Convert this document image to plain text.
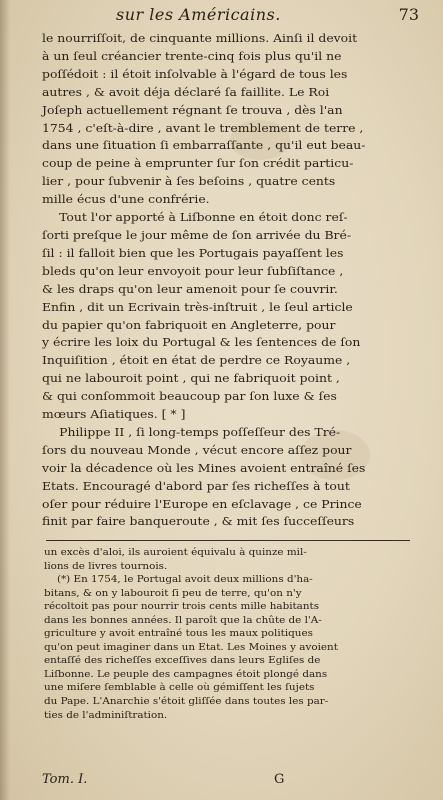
sur les Américains.	73
le nourriſſoit, de cinquante millions. Ainſi il devoit
à un ſeul créancier trente-cinq fois plus qu'il ne
poſſédoit : il étoit inſolvable à l'égard de tous les
autres , & avoit déja déclaré ſa faillite. Le Roi
Joſeph actuellement régnant ſe trouva , dès l'an
1754 , c'eſt-à-dire , avant le tremblement de terre ,
dans une ſituation ſi embarraſſante , qu'il eut beau-
coup de peine à emprunter ſur ſon crédit particu-
lier , pour ſubvenir à ſes beſoins , quatre cents
mille écus d'une confrérie.
Tout l'or apporté à Liſbonne en étoit donc reſ-
ſorti preſque le jour même de ſon arrivée du Bré-
ſil : il falloit bien que les Portugais payaſſent les
bleds qu'on leur envoyoit pour leur ſubſiſtance ,
& les draps qu'on leur amenoit pour ſe couvrir.
Enfin , dit un Ecrivain très-inſtruit , le ſeul article
du papier qu'on fabriquoit en Angleterre, pour
y écrire les loix du Portugal & les ſentences de ſon
Inquiſition , étoit en état de perdre ce Royaume ,
qui ne labouroit point , qui ne fabriquoit point ,
& qui conſommoit beaucoup par ſon luxe & ſes
mœurs Aſiatiques. [ * ]
Philippe II , ſi long-temps poſſeſſeur des Tré-
ſors du nouveau Monde , vécut encore aſſez pour
voir la décadence où les Mines avoient entraîné ſes
Etats. Encouragé d'abord par ſes richeſſes à tout
oſer pour réduire l'Europe en eſclavage , ce Prince
finit par faire banqueroute , & mit ſes ſucceſſeurs
un excès d'aloi, ils auroient équivalu à quinze mil-
lions de livres tournois.
(*) En 1754, le Portugal avoit deux millions d'ha-
bitans, & on y labouroit ſi peu de terre, qu'on n'y
récoltoit pas pour nourrir trois cents mille habitants
dans les bonnes années. Il paroît que la chûte de l'A-
griculture y avoit entraîné tous les maux politiques
qu'on peut imaginer dans un Etat. Les Moines y avoient
entaſſé des richeſſes exceſſives dans leurs Egliſes de
Liſbonne. Le peuple des campagnes étoit plongé dans
une miſere ſemblable à celle où gémiſſent les ſujets
du Pape. L'Anarchie s'étoit gliſſée dans toutes les par-
ties de l'adminiſtration.
Tom. I.	G
